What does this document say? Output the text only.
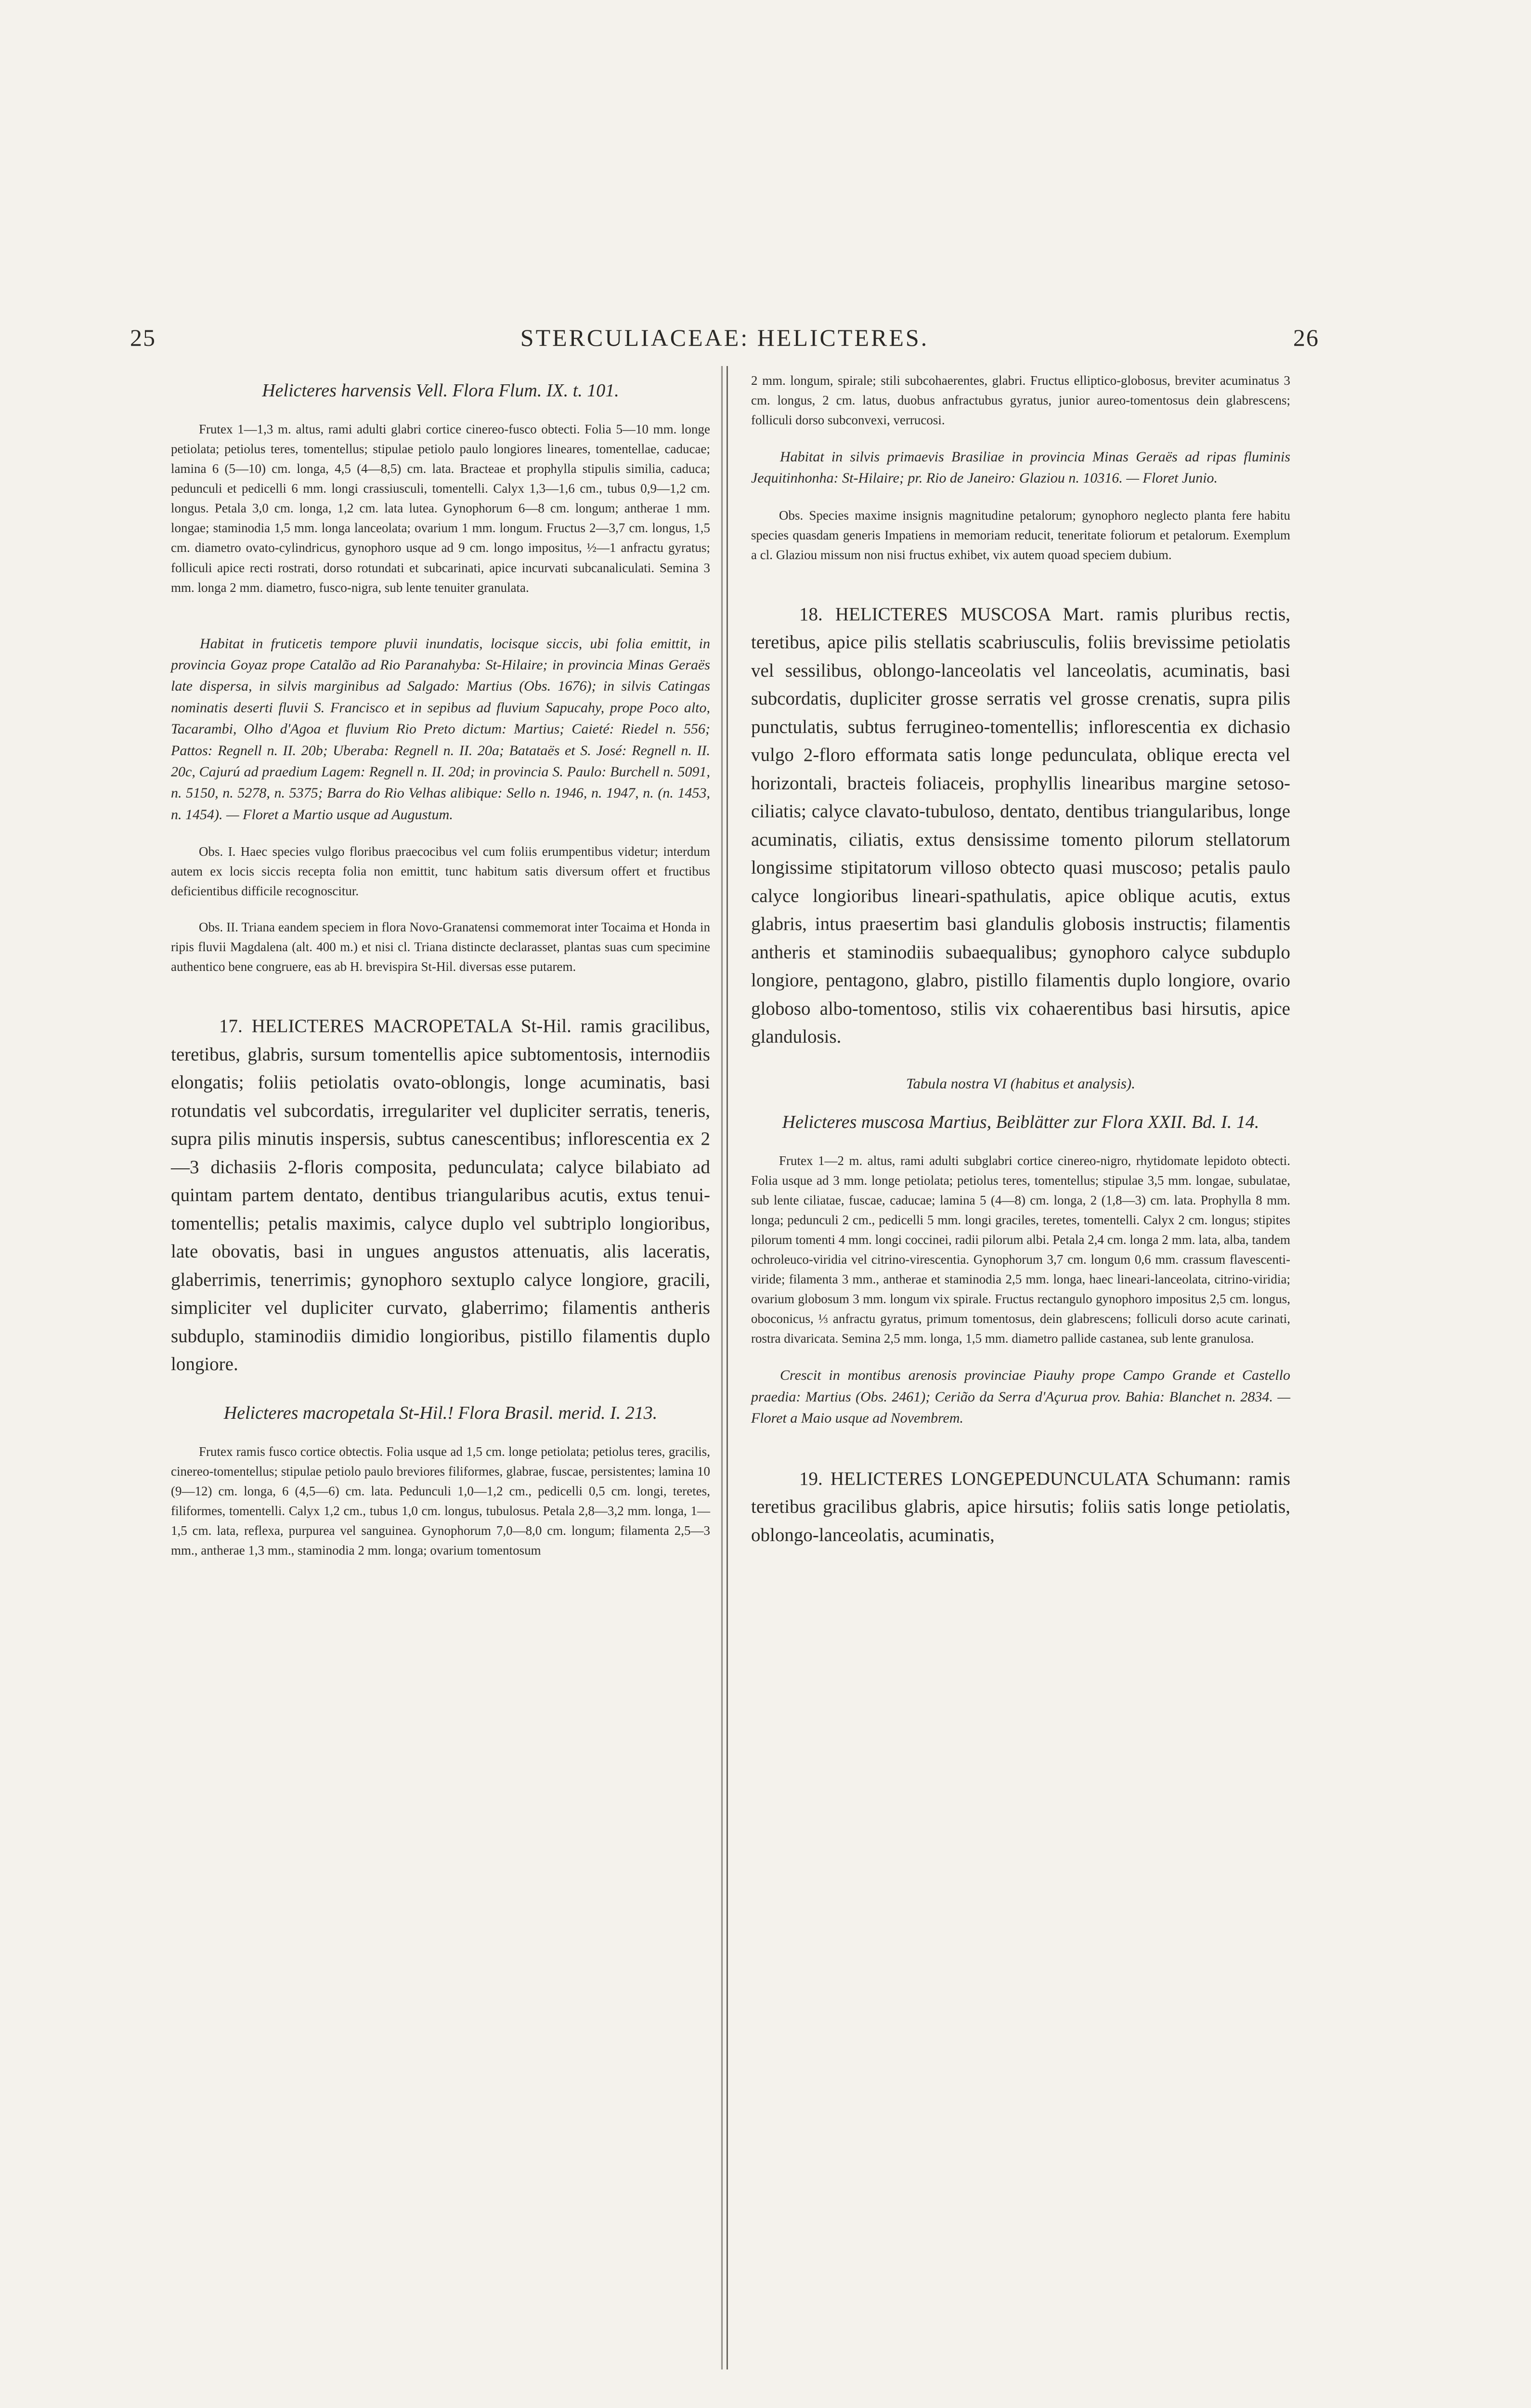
25	STERCULIACEAE: HELICTERES.	26

Helicteres harvensis Vell. Flora Flum. IX. t. 101.

Frutex 1—1,3 m. altus, rami adulti glabri cortice cinereo-fusco obtecti. Folia 5—10 mm. longe petiolata; petiolus teres, tomentellus; stipulae petiolo paulo longiores lineares, tomentellae, caducae; lamina 6 (5—10) cm. longa, 4,5 (4—8,5) cm. lata. Bracteae et prophylla stipulis similia, caduca; pedunculi et pedicelli 6 mm. longi crassiusculi, tomentelli. Calyx 1,3—1,6 cm., tubus 0,9—1,2 cm. longus. Petala 3,0 cm. longa, 1,2 cm. lata lutea. Gynophorum 6—8 cm. longum; antherae 1 mm. longae; staminodia 1,5 mm. longa lanceolata; ovarium 1 mm. longum. Fructus 2—3,7 cm. longus, 1,5 cm. diametro ovato-cylindricus, gynophoro usque ad 9 cm. longo impositus, ½—1 anfractu gyratus; folliculi apice recti rostrati, dorso rotundati et subcarinati, apice incurvati subcanaliculati. Semina 3 mm. longa 2 mm. diametro, fusco-nigra, sub lente tenuiter granulata.

Habitat in fruticetis tempore pluvii inundatis, locisque siccis, ubi folia emittit, in provincia Goyaz prope Catalão ad Rio Paranahyba: St-Hilaire; in provincia Minas Geraës late dispersa, in silvis marginibus ad Salgado: Martius (Obs. 1676); in silvis Catingas nominatis deserti fluvii S. Francisco et in sepibus ad fluvium Sapucahy, prope Poco alto, Tacarambi, Olho d'Agoa et fluvium Rio Preto dictum: Martius; Caieté: Riedel n. 556; Pattos: Regnell n. II. 20b; Uberaba: Regnell n. II. 20a; Batataës et S. José: Regnell n. II. 20c, Cajurú ad praedium Lagem: Regnell n. II. 20d; in provincia S. Paulo: Burchell n. 5091, n. 5150, n. 5278, n. 5375; Barra do Rio Velhas alibique: Sello n. 1946, n. 1947, n. (n. 1453, n. 1454). — Floret a Martio usque ad Augustum.

Obs. I. Haec species vulgo floribus praecocibus vel cum foliis erumpentibus videtur; interdum autem ex locis siccis recepta folia non emittit, tunc habitum satis diversum offert et fructibus deficientibus difficile recognoscitur.

Obs. II. Triana eandem speciem in flora Novo-Granatensi commemorat inter Tocaima et Honda in ripis fluvii Magdalena (alt. 400 m.) et nisi cl. Triana distincte declarasset, plantas suas cum specimine authentico bene congruere, eas ab H. brevispira St-Hil. diversas esse putarem.

17. HELICTERES MACROPETALA St-Hil. ramis gracilibus, teretibus, glabris, sursum tomentellis apice subtomentosis, internodiis elongatis; foliis petiolatis ovato-oblongis, longe acuminatis, basi rotundatis vel subcordatis, irregulariter vel dupliciter serratis, teneris, supra pilis minutis inspersis, subtus canescentibus; inflorescentia ex 2—3 dichasiis 2-floris composita, pedunculata; calyce bilabiato ad quintam partem dentato, dentibus triangularibus acutis, extus tenui-tomentellis; petalis maximis, calyce duplo vel subtriplo longioribus, late obovatis, basi in ungues angustos attenuatis, alis laceratis, glaberrimis, tenerrimis; gynophoro sextuplo calyce longiore, gracili, simpliciter vel dupliciter curvato, glaberrimo; filamentis antheris subduplo, staminodiis dimidio longioribus, pistillo filamentis duplo longiore.

Helicteres macropetala St-Hil.! Flora Brasil. merid. I. 213.

Frutex ramis fusco cortice obtectis. Folia usque ad 1,5 cm. longe petiolata; petiolus teres, gracilis, cinereo-tomentellus; stipulae petiolo paulo breviores filiformes, glabrae, fuscae, persistentes; lamina 10 (9—12) cm. longa, 6 (4,5—6) cm. lata. Pedunculi 1,0—1,2 cm., pedicelli 0,5 cm. longi, teretes, filiformes, tomentelli. Calyx 1,2 cm., tubus 1,0 cm. longus, tubulosus. Petala 2,8—3,2 mm. longa, 1—1,5 cm. lata, reflexa, purpurea vel sanguinea. Gynophorum 7,0—8,0 cm. longum; filamenta 2,5—3 mm., antherae 1,3 mm., staminodia 2 mm. longa; ovarium tomentosum

2 mm. longum, spirale; stili subcohaerentes, glabri. Fructus elliptico-globosus, breviter acuminatus 3 cm. longus, 2 cm. latus, duobus anfractubus gyratus, junior aureo-tomentosus dein glabrescens; folliculi dorso subconvexi, verrucosi.

Habitat in silvis primaevis Brasiliae in provincia Minas Geraës ad ripas fluminis Jequitinhonha: St-Hilaire; pr. Rio de Janeiro: Glaziou n. 10316. — Floret Junio.

Obs. Species maxime insignis magnitudine petalorum; gynophoro neglecto planta fere habitu species quasdam generis Impatiens in memoriam reducit, teneritate foliorum et petalorum. Exemplum a cl. Glaziou missum non nisi fructus exhibet, vix autem quoad speciem dubium.

18. HELICTERES MUSCOSA Mart. ramis pluribus rectis, teretibus, apice pilis stellatis scabriusculis, foliis brevissime petiolatis vel sessilibus, oblongo-lanceolatis vel lanceolatis, acuminatis, basi subcordatis, dupliciter grosse serratis vel grosse crenatis, supra pilis punctulatis, subtus ferrugineo-tomentellis; inflorescentia ex dichasio vulgo 2-floro efformata satis longe pedunculata, oblique erecta vel horizontali, bracteis foliaceis, prophyllis linearibus margine setoso-ciliatis; calyce clavato-tubuloso, dentato, dentibus triangularibus, longe acuminatis, ciliatis, extus densissime tomento pilorum stellatorum longissime stipitatorum villoso obtecto quasi muscoso; petalis paulo calyce longioribus lineari-spathulatis, apice oblique acutis, extus glabris, intus praesertim basi glandulis globosis instructis; filamentis antheris et staminodiis subaequalibus; gynophoro calyce subduplo longiore, pentagono, glabro, pistillo filamentis duplo longiore, ovario globoso albo-tomentoso, stilis vix cohaerentibus basi hirsutis, apice glandulosis.

Tabula nostra VI (habitus et analysis).

Helicteres muscosa Martius, Beiblätter zur Flora XXII. Bd. I. 14.

Frutex 1—2 m. altus, rami adulti subglabri cortice cinereo-nigro, rhytidomate lepidoto obtecti. Folia usque ad 3 mm. longe petiolata; petiolus teres, tomentellus; stipulae 3,5 mm. longae, subulatae, sub lente ciliatae, fuscae, caducae; lamina 5 (4—8) cm. longa, 2 (1,8—3) cm. lata. Prophylla 8 mm. longa; pedunculi 2 cm., pedicelli 5 mm. longi graciles, teretes, tomentelli. Calyx 2 cm. longus; stipites pilorum tomenti 4 mm. longi coccinei, radii pilorum albi. Petala 2,4 cm. longa 2 mm. lata, alba, tandem ochroleuco-viridia vel citrino-virescentia. Gynophorum 3,7 cm. longum 0,6 mm. crassum flavescenti-viride; filamenta 3 mm., antherae et staminodia 2,5 mm. longa, haec lineari-lanceolata, citrino-viridia; ovarium globosum 3 mm. longum vix spirale. Fructus rectangulo gynophoro impositus 2,5 cm. longus, oboconicus, ⅓ anfractu gyratus, primum tomentosus, dein glabrescens; folliculi dorso acute carinati, rostra divaricata. Semina 2,5 mm. longa, 1,5 mm. diametro pallide castanea, sub lente granulosa.

Crescit in montibus arenosis provinciae Piauhy prope Campo Grande et Castello praedia: Martius (Obs. 2461); Cerião da Serra d'Açurua prov. Bahia: Blanchet n. 2834. — Floret a Maio usque ad Novembrem.

19. HELICTERES LONGEPEDUNCULATA Schumann: ramis teretibus gracilibus glabris, apice hirsutis; foliis satis longe petiolatis, oblongo-lanceolatis, acuminatis,
